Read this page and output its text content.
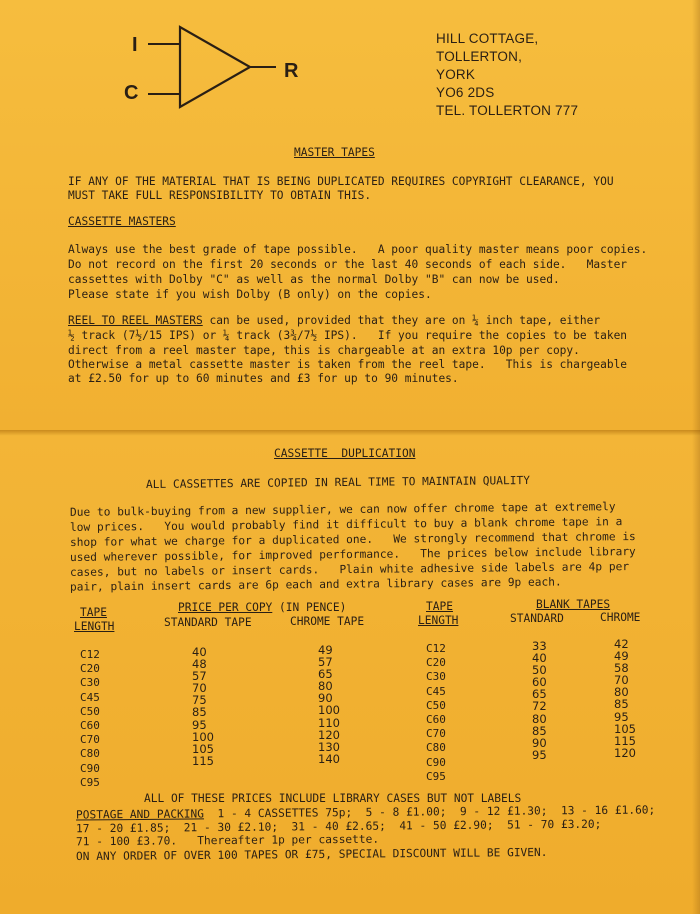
I
C
R
HILL COTTAGE,
TOLLERTON,
YORK
YO6 2DS
TEL. TOLLERTON 777
MASTER TAPES
IF ANY OF THE MATERIAL THAT IS BEING DUPLICATED REQUIRES COPYRIGHT CLEARANCE, YOU
MUST TAKE FULL RESPONSIBILITY TO OBTAIN THIS.
CASSETTE MASTERS
Always use the best grade of tape possible.   A poor quality master means poor copies.
Do not record on the first 20 seconds or the last 40 seconds of each side.   Master
cassettes with Dolby "C" as well as the normal Dolby "B" can now be used.
Please state if you wish Dolby (B only) on the copies.
REEL TO REEL MASTERS can be used, provided that they are on ¼ inch tape, either
½ track (7½/15 IPS) or ¼ track (3¾/7½ IPS).   If you require the copies to be taken
direct from a reel master tape, this is chargeable at an extra 10p per copy.
Otherwise a metal cassette master is taken from the reel tape.   This is chargeable
at £2.50 for up to 60 minutes and £3 for up to 90 minutes.
CASSETTE  DUPLICATION
ALL CASSETTES ARE COPIED IN REAL TIME TO MAINTAIN QUALITY
Due to bulk-buying from a new supplier, we can now offer chrome tape at extremely
low prices.   You would probably find it difficult to buy a blank chrome tape in a
shop for what we charge for a duplicated one.   We strongly recommend that chrome is
used wherever possible, for improved performance.   The prices below include library
cases, but no labels or insert cards.   Plain white adhesive side labels are 4p per
pair, plain insert cards are 6p each and extra library cases are 9p each.
TAPE
LENGTH
PRICE PER COPY (IN PENCE)
STANDARD TAPE	CHROME TAPE
TAPE
LENGTH
BLANK TAPES
STANDARD	CHROME
C12
C20
C30
C45
C50
C60
C70
C80
C90
C95
40
48
57
70
75
85
95
100
105
115
49
57
65
80
90
100
110
120
130
140
C12
C20
C30
C45
C50
C60
C70
C80
C90
C95
33
40
50
60
65
72
80
85
90
95
42
49
58
70
80
85
95
105
115
120
ALL OF THESE PRICES INCLUDE LIBRARY CASES BUT NOT LABELS
POSTAGE AND PACKING  1 - 4 CASSETTES 75p;  5 - 8 £1.00;  9 - 12 £1.30;  13 - 16 £1.60;
17 - 20 £1.85;  21 - 30 £2.10;  31 - 40 £2.65;  41 - 50 £2.90;  51 - 70 £3.20;
71 - 100 £3.70.   Thereafter 1p per cassette.
ON ANY ORDER OF OVER 100 TAPES OR £75, SPECIAL DISCOUNT WILL BE GIVEN.
